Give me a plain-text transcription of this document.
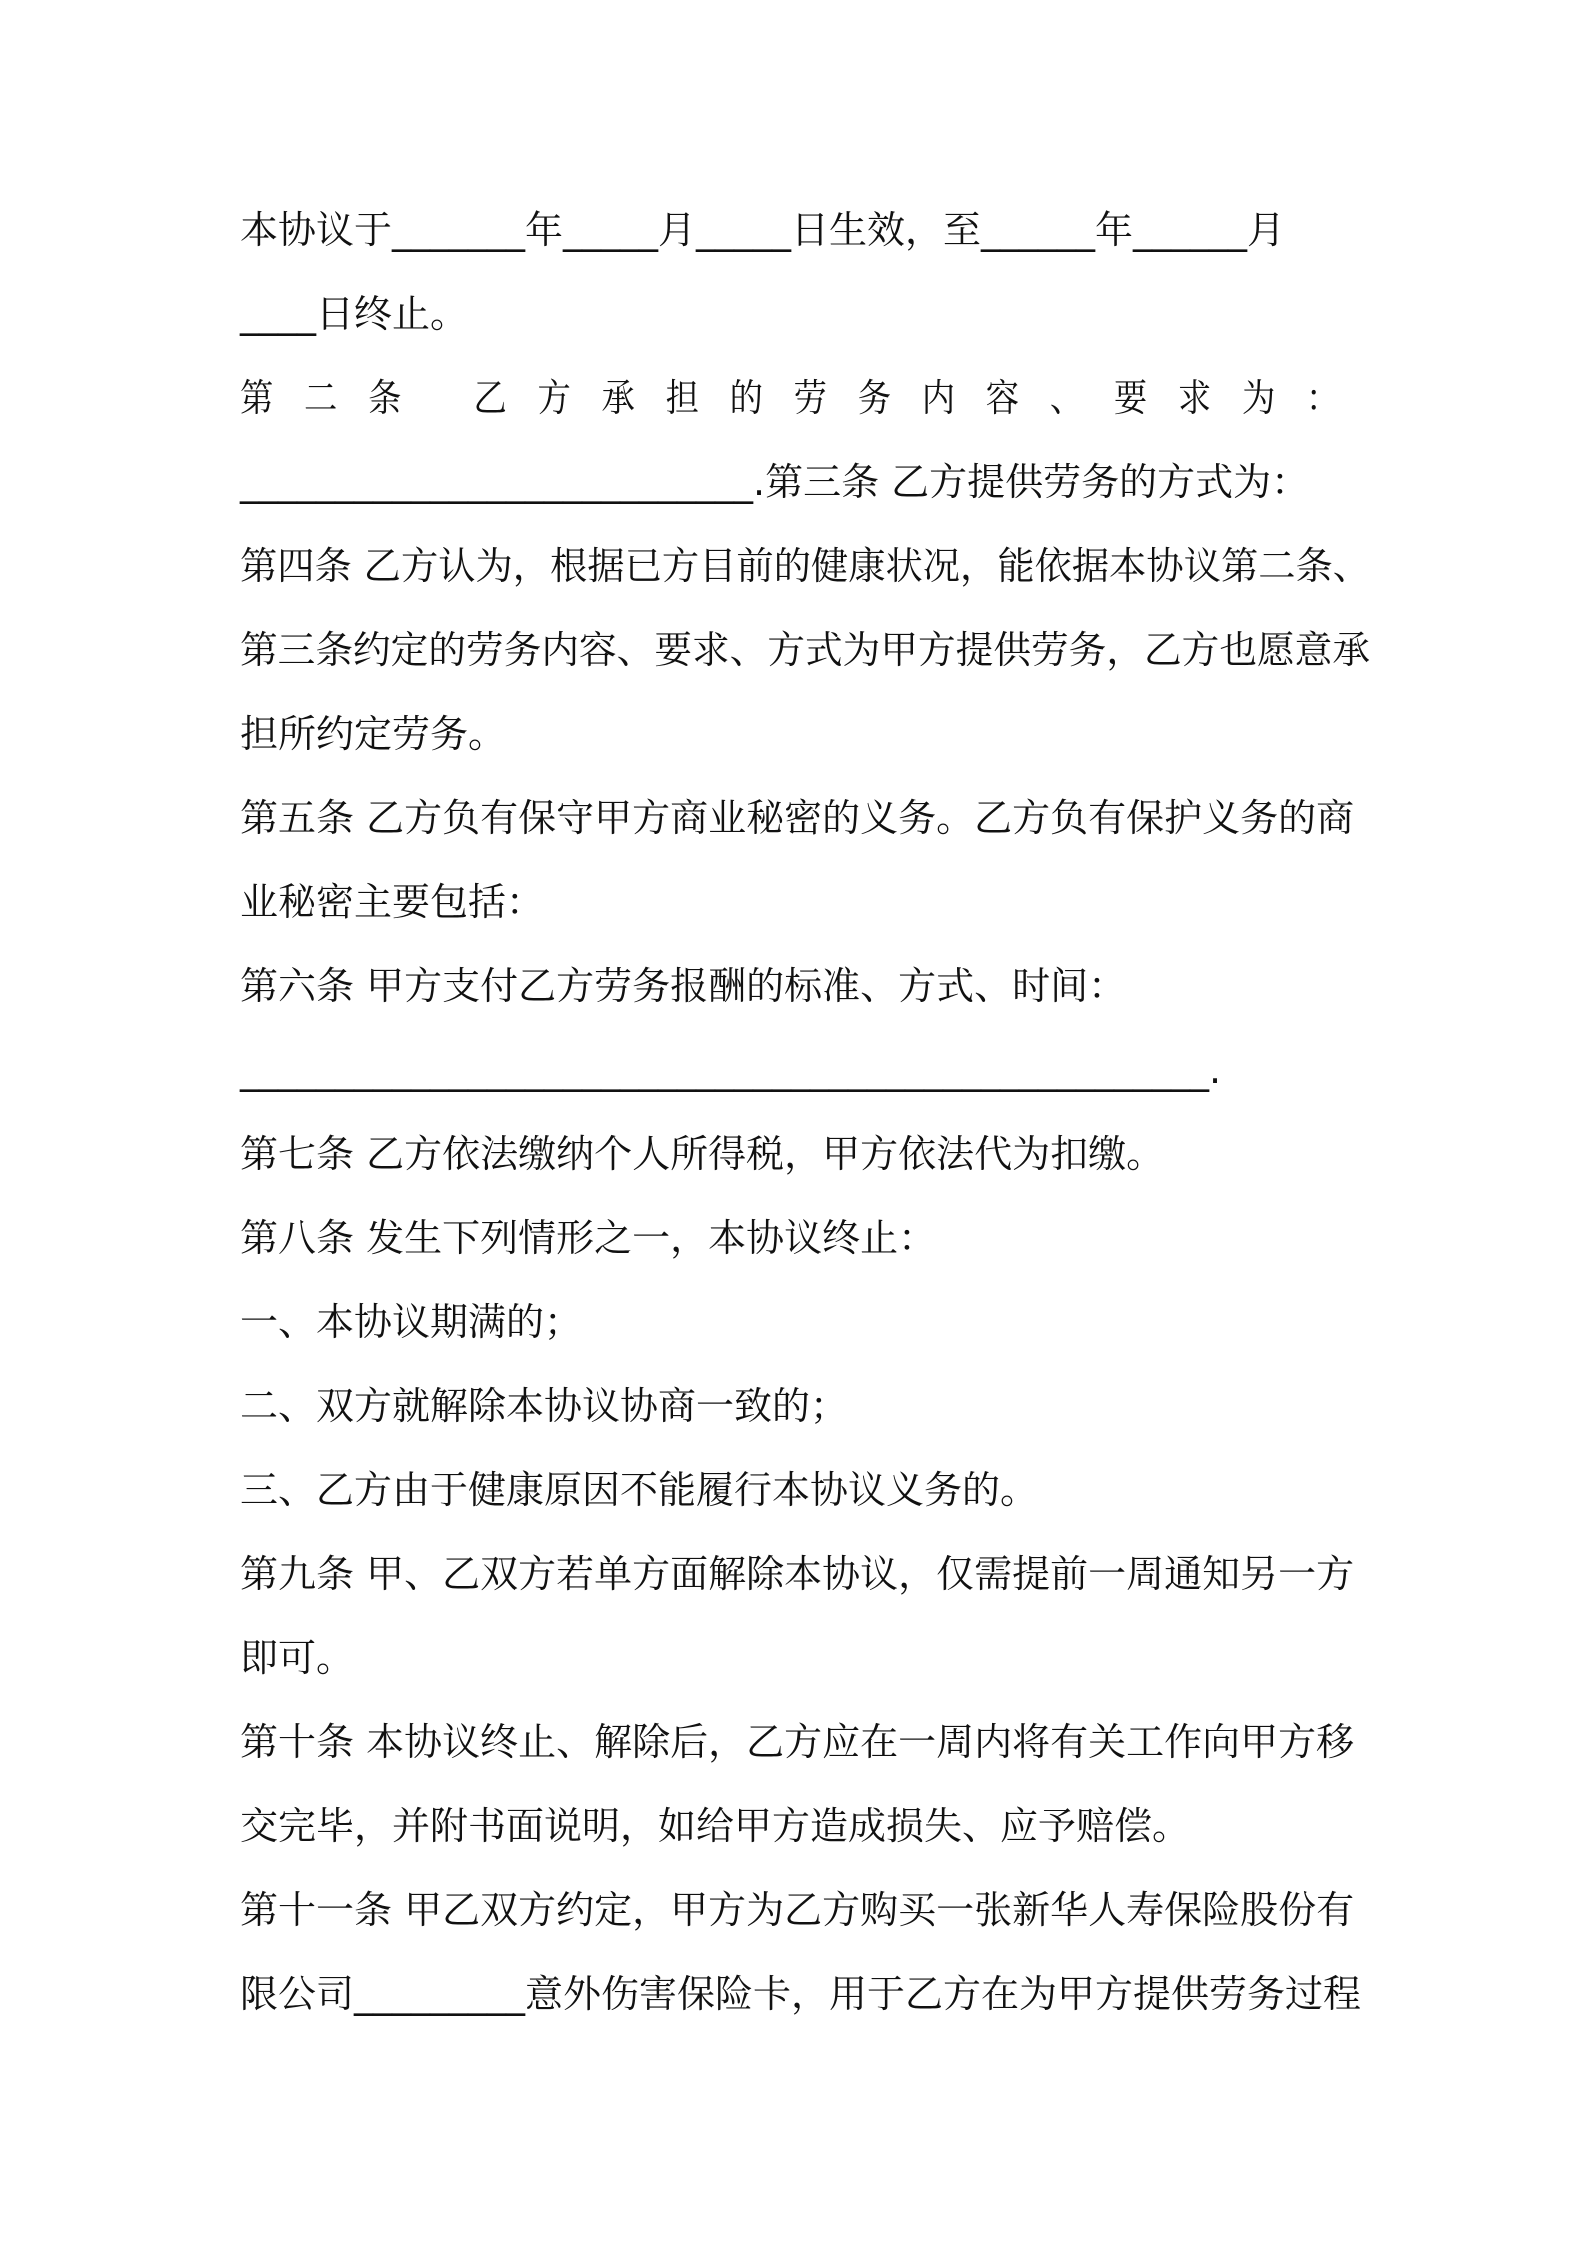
本协议于_______年_____月_____日生效，至______年______月
____日终止。
第二条 乙方承担的劳务内容、要求为：
___________________________.第三条 乙方提供劳务的方式为：
第四条 乙方认为，根据已方目前的健康状况，能依据本协议第二条、
第三条约定的劳务内容、要求、方式为甲方提供劳务，乙方也愿意承
担所约定劳务。
第五条 乙方负有保守甲方商业秘密的义务。乙方负有保护义务的商
业秘密主要包括：
第六条 甲方支付乙方劳务报酬的标准、方式、时间：
___________________________________________________.
第七条 乙方依法缴纳个人所得税，甲方依法代为扣缴。
第八条 发生下列情形之一，本协议终止：
一、本协议期满的；
二、双方就解除本协议协商一致的；
三、乙方由于健康原因不能履行本协议义务的。
第九条 甲、乙双方若单方面解除本协议，仅需提前一周通知另一方
即可。
第十条 本协议终止、解除后，乙方应在一周内将有关工作向甲方移
交完毕，并附书面说明，如给甲方造成损失、应予赔偿。
第十一条 甲乙双方约定，甲方为乙方购买一张新华人寿保险股份有
限公司_________意外伤害保险卡，用于乙方在为甲方提供劳务过程
